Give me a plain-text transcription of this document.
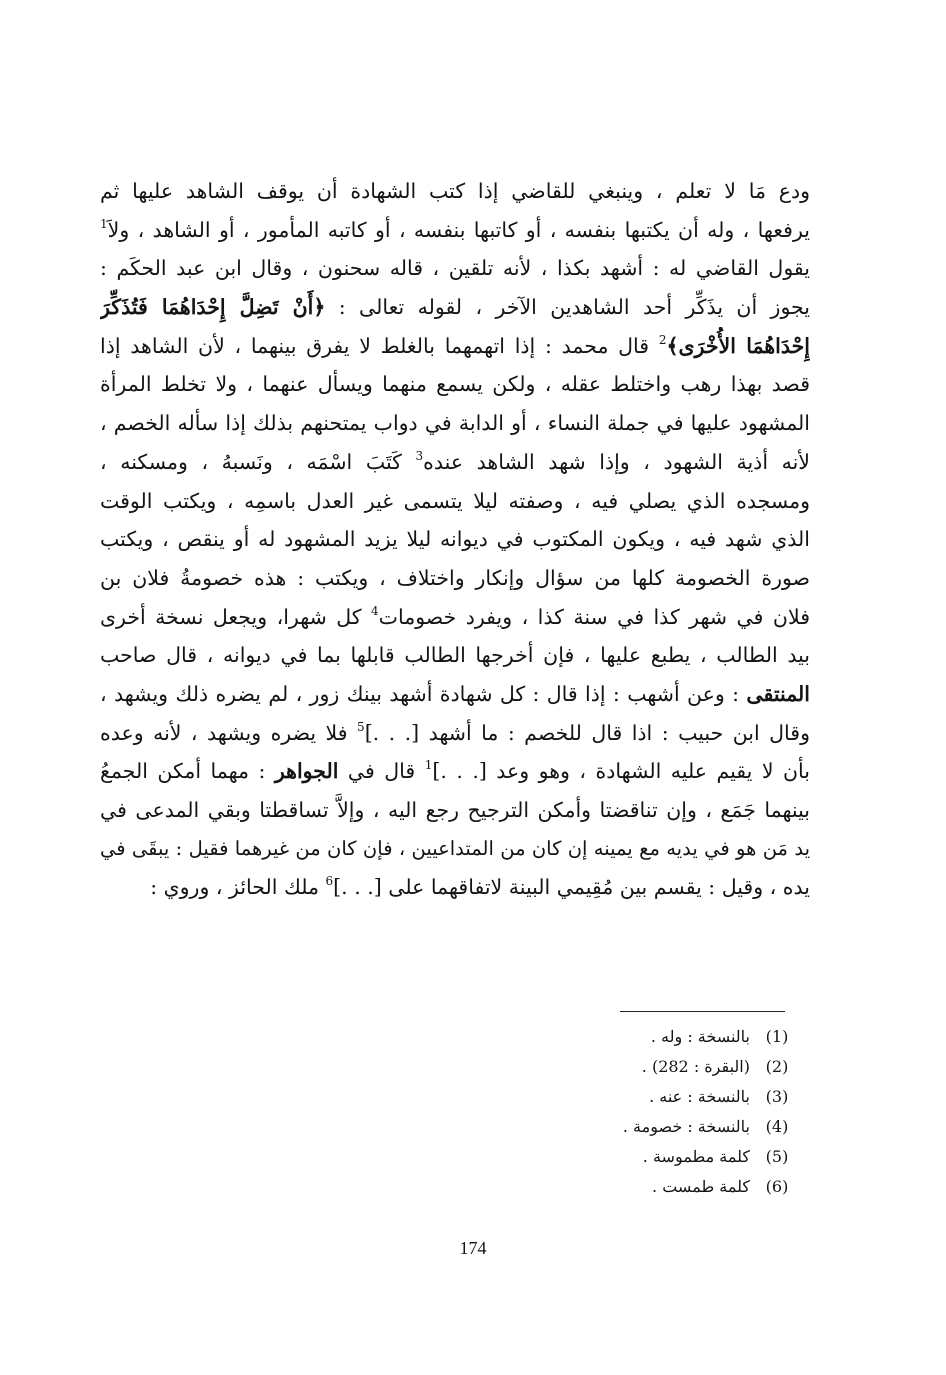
ودع مَا لا تعلم ، وينبغي للقاضي إذا كتب الشهادة أن يوقف الشاهد عليها ثم
يرفعها ، وله أن يكتبها بنفسه ، أو كاتبها بنفسه ، أو كاتبه المأمور ، أو الشاهد ، ولاَ$^1$
يقول القاضي له : أشهد بكذا ، لأنه تلقين ، قاله سحنون ، وقال ابن عبد الحكَم :
يجوز أن يذَكِّر أحد الشاهدين الآخر ، لقوله تعالى : ﴿أَنْ تَضِلَّ إِحْدَاهُمَا فَتُذَكِّرَ
إِحْدَاهُمَا الأُخْرَى﴾$^2$ قال محمد : إذا اتهمهما بالغلط لا يفرق بينهما ، لأن الشاهد إذا
قصد بهذا رهب واختلط عقله ، ولكن يسمع منهما ويسأل عنهما ، ولا تخلط المرأة
المشهود عليها في جملة النساء ، أو الدابة في دواب يمتحنهم بذلك إذا سأله الخصم ،
لأنه أذية الشهود ، وإذا شهد الشاهد عنده$^3$ كَتَبَ اسْمَه ، ونَسبهُ ، ومسكنه ،
ومسجده الذي يصلي فيه ، وصفته ليلا يتسمى غير العدل باسمِه ، ويكتب الوقت
الذي شهد فيه ، ويكون المكتوب في ديوانه ليلا يزيد المشهود له أو ينقص ، ويكتب
صورة الخصومة كلها من سؤال وإنكار واختلاف ، ويكتب : هذه خصومةُ فلان بن
فلان في شهر كذا في سنة كذا ، ويفرد خصومات$^4$ كل شهرا، ويجعل نسخة أخرى
بيد الطالب ، يطبع عليها ، فإن أخرجها الطالب قابلها بما في ديوانه ، قال صاحب
المنتقى : وعن أشهب : إذا قال : كل شهادة أشهد بينك زور ، لم يضره ذلك ويشهد ،
وقال ابن حبيب : اذا قال للخصم : ما أشهد [. . .]$^5$ فلا يضره ويشهد ، لأنه وعده
بأن لا يقيم عليه الشهادة ، وهو وعد [. . .]$^1$ قال في الجواهر : مهما أمكن الجمعُ
بينهما جَمَع ، وإن تناقضتا وأمكن الترجيح رجع اليه ، وإلاَّ تساقطتا وبقي المدعى في
يد مَن هو في يديه مع يمينه إن كان من المتداعيين ، فإن كان من غيرهما فقيل : يبقَى في
يده ، وقيل : يقسم بين مُقِيمي البينة لاتفاقهما على [. . .]$^6$ ملك الحائز ، وروي :
(1)
بالنسخة : وله .
(2)
(البقرة : 282) .
(3)
بالنسخة : عنه .
(4)
بالنسخة : خصومة .
(5)
كلمة مطموسة .
(6)
كلمة طمست .
174
